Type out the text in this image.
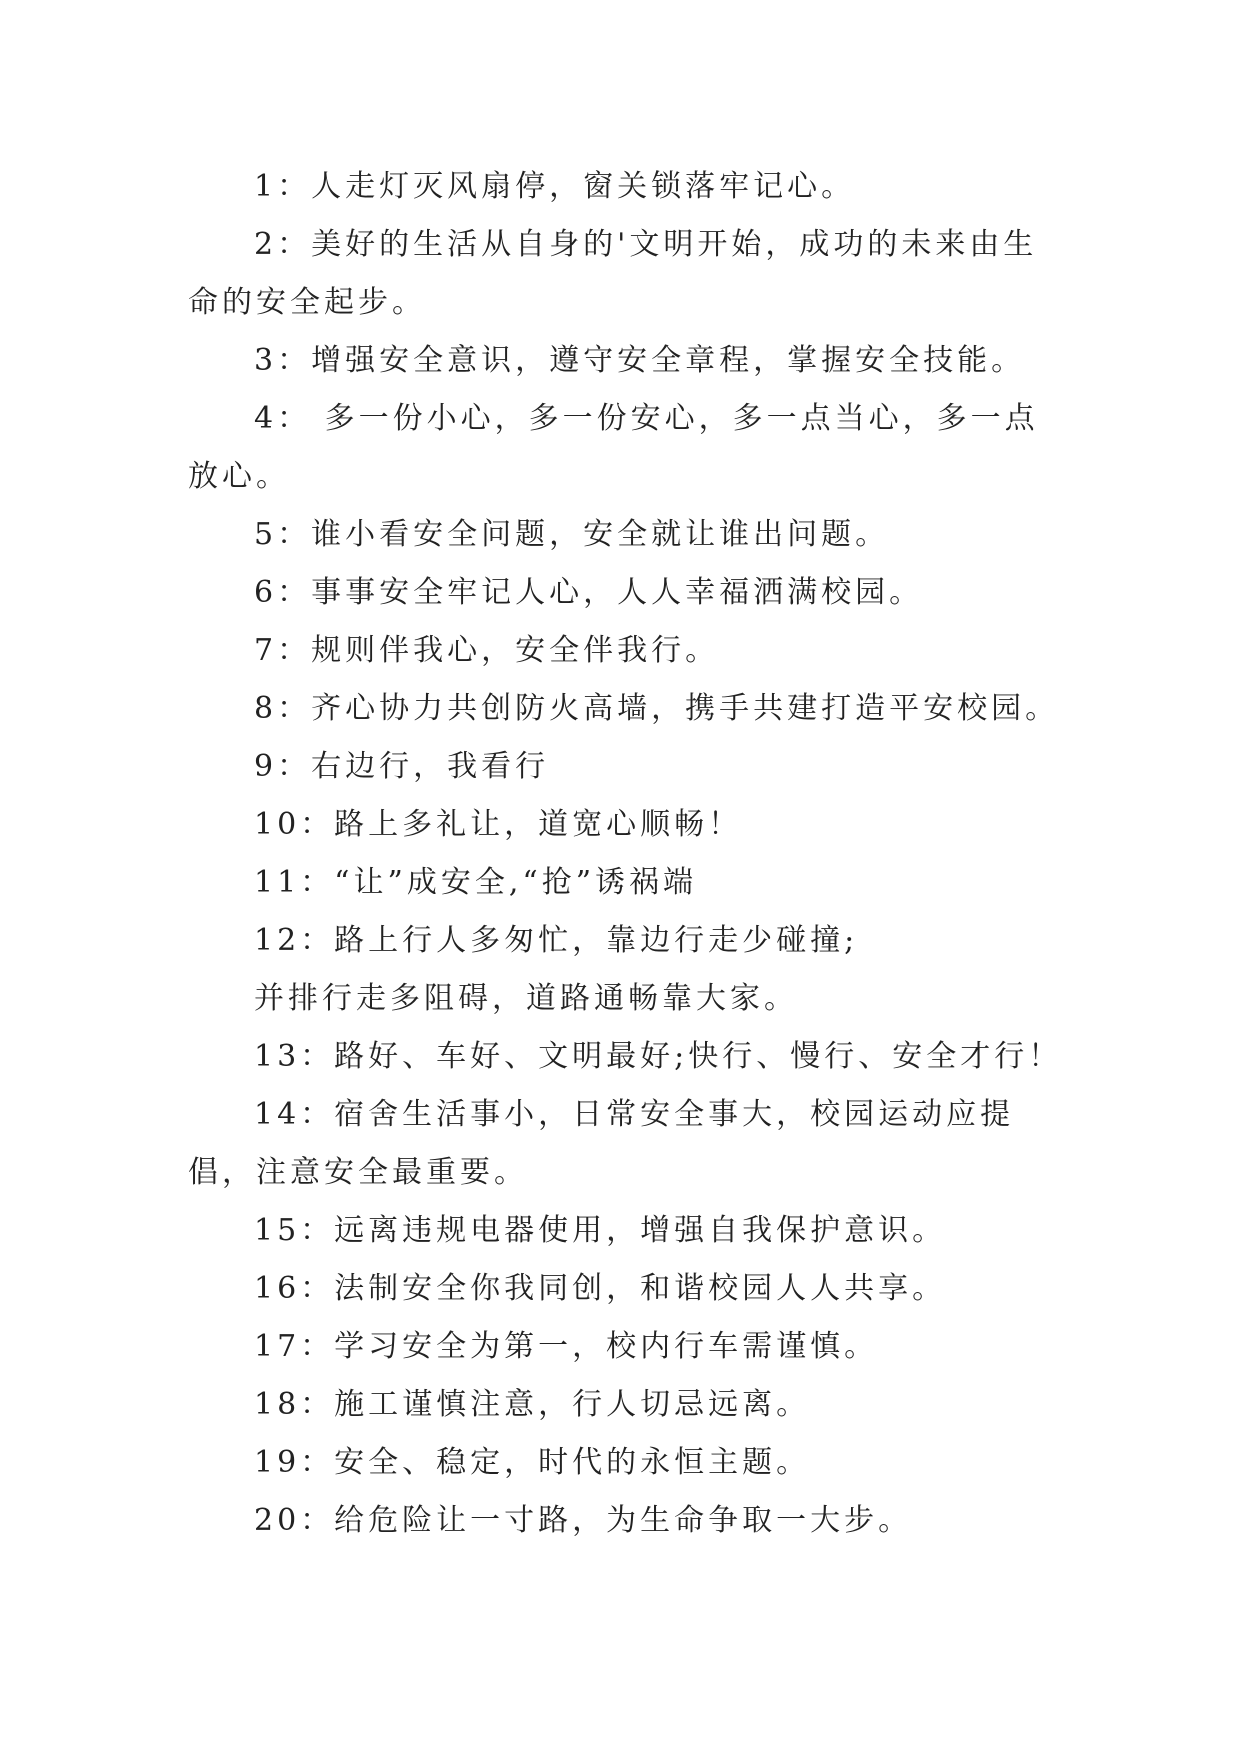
1：人走灯灭风扇停，窗关锁落牢记心。

2：美好的生活从自身的'文明开始，成功的未来由生命的安全起步。

3：增强安全意识，遵守安全章程，掌握安全技能。

4： 多一份小心，多一份安心，多一点当心，多一点放心。

5：谁小看安全问题，安全就让谁出问题。

6：事事安全牢记人心，人人幸福洒满校园。

7：规则伴我心，安全伴我行。

8：齐心协力共创防火高墙，携手共建打造平安校园。

9：右边行，我看行

10：路上多礼让，道宽心顺畅！

11：“让”成安全,“抢”诱祸端

12：路上行人多匆忙，靠边行走少碰撞;

并排行走多阻碍，道路通畅靠大家。

13：路好、车好、文明最好;快行、慢行、安全才行！

14：宿舍生活事小，日常安全事大，校园运动应提倡，注意安全最重要。

15：远离违规电器使用，增强自我保护意识。

16：法制安全你我同创，和谐校园人人共享。

17：学习安全为第一，校内行车需谨慎。

18：施工谨慎注意，行人切忌远离。

19：安全、稳定，时代的永恒主题。

20：给危险让一寸路，为生命争取一大步。
